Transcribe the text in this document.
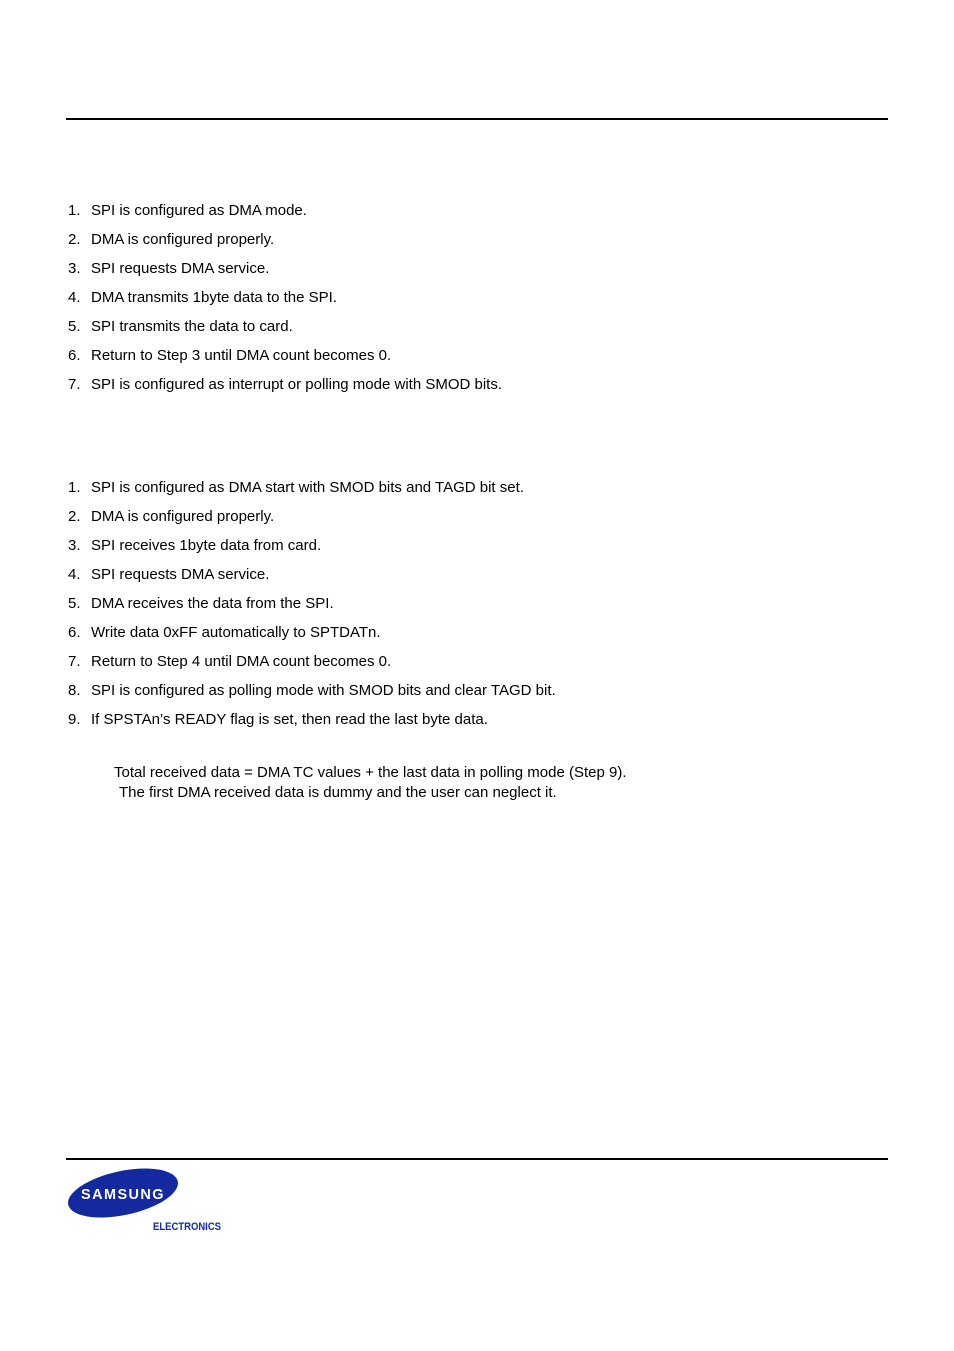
1. SPI is configured as DMA mode.
2. DMA is configured properly.
3. SPI requests DMA service.
4. DMA transmits 1byte data to the SPI.
5. SPI transmits the data to card.
6. Return to Step 3 until DMA count becomes 0.
7. SPI is configured as interrupt or polling mode with SMOD bits.
1. SPI is configured as DMA start with SMOD bits and TAGD bit set.
2. DMA is configured properly.
3. SPI receives 1byte data from card.
4. SPI requests DMA service.
5. DMA receives the data from the SPI.
6. Write data 0xFF automatically to SPTDATn.
7. Return to Step 4 until DMA count becomes 0.
8. SPI is configured as polling mode with SMOD bits and clear TAGD bit.
9. If SPSTAn’s READY flag is set, then read the last byte data.
Total received data = DMA TC values + the last data in polling mode (Step 9).
The first DMA received data is dummy and the user can neglect it.
SAMSUNG
ELECTRONICS
